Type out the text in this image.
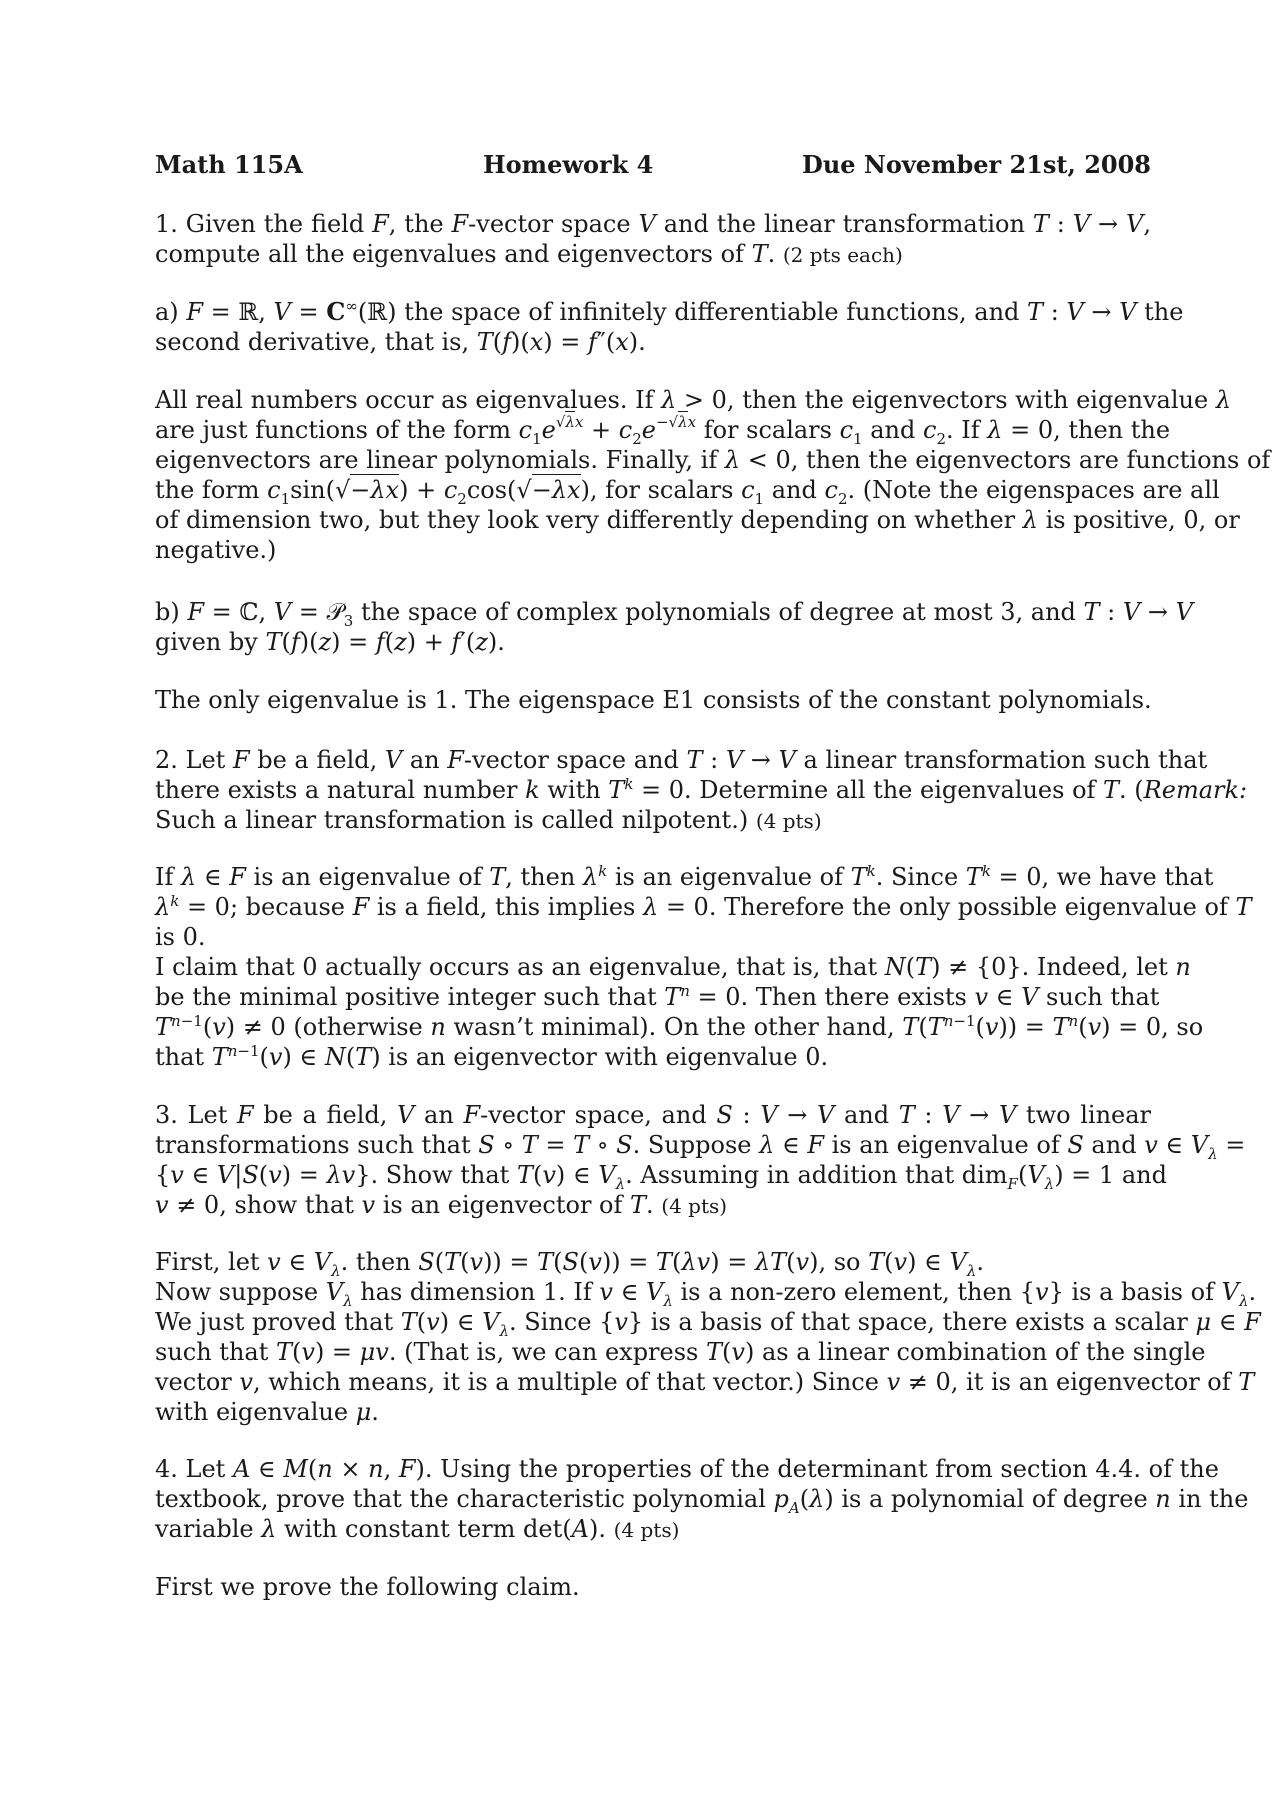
Math 115A	Homework 4	Due November 21st, 2008
1. Given the field F, the F-vector space V and the linear transformation T : V → V,
compute all the eigenvalues and eigenvectors of T. (2 pts each)
a) F = ℝ, V = C∞(ℝ) the space of infinitely differentiable functions, and T : V → V the
second derivative, that is, T(f)(x) = f″(x).
All real numbers occur as eigenvalues. If λ > 0, then the eigenvectors with eigenvalue λ
are just functions of the form $c_1e^{√\lambda x} + c_2e^{-√\lambda x}$ for scalars $c_1$ and $c_2$. If λ = 0, then the
eigenvectors are linear polynomials. Finally, if λ < 0, then the eigenvectors are functions of
the form $c_1\sin(√-\lambda x) + c_2\cos(√-\lambda x)$, for scalars $c_1$ and $c_2$. (Note the eigenspaces are all
of dimension two, but they look very differently depending on whether λ is positive, 0, or
negative.)
b) F = ℂ, V = 𝒫$_3$ the space of complex polynomials of degree at most 3, and T : V → V
given by T(f)(z) = f(z) + f′(z).
The only eigenvalue is 1. The eigenspace E1 consists of the constant polynomials.
2. Let F be a field, V an F-vector space and T : V → V a linear transformation such that
there exists a natural number k with $T^k = 0$. Determine all the eigenvalues of T. (Remark:
Such a linear transformation is called nilpotent.) (4 pts)
If λ ∈ F is an eigenvalue of T, then $\lambda^k$ is an eigenvalue of $T^k$. Since $T^k = 0$, we have that
$\lambda^k = 0$; because F is a field, this implies λ = 0. Therefore the only possible eigenvalue of T
is 0.
I claim that 0 actually occurs as an eigenvalue, that is, that N(T) ≠ {0}. Indeed, let n
be the minimal positive integer such that $T^n = 0$. Then there exists v ∈ V such that
$T^{n-1}(v) \ne 0$ (otherwise n wasn’t minimal). On the other hand, $T(T^{n-1}(v)) = T^n(v) = 0$, so
that $T^{n-1}(v)$ ∈ N(T) is an eigenvector with eigenvalue 0.
3. Let F be a field, V an F-vector space, and S : V → V and T : V → V two linear
transformations such that S ∘ T = T ∘ S. Suppose λ ∈ F is an eigenvalue of S and v ∈ $V_\lambda$ =
{v ∈ V|S(v) = λv}. Show that T(v) ∈ $V_\lambda$. Assuming in addition that $dim_F(V_\lambda) = 1$ and
v ≠ 0, show that v is an eigenvector of T. (4 pts)
First, let v ∈ $V_\lambda$. then S(T(v)) = T(S(v)) = T(λv) = λT(v), so T(v) ∈ $V_\lambda$.
Now suppose $V_\lambda$ has dimension 1. If v ∈ $V_\lambda$ is a non-zero element, then {v} is a basis of $V_\lambda$.
We just proved that T(v) ∈ $V_\lambda$. Since {v} is a basis of that space, there exists a scalar μ ∈ F
such that T(v) = μv. (That is, we can express T(v) as a linear combination of the single
vector v, which means, it is a multiple of that vector.) Since v ≠ 0, it is an eigenvector of T
with eigenvalue μ.
4. Let A ∈ M(n × n, F). Using the properties of the determinant from section 4.4. of the
textbook, prove that the characteristic polynomial $p_A(\lambda)$ is a polynomial of degree n in the
variable λ with constant term det(A). (4 pts)
First we prove the following claim.
